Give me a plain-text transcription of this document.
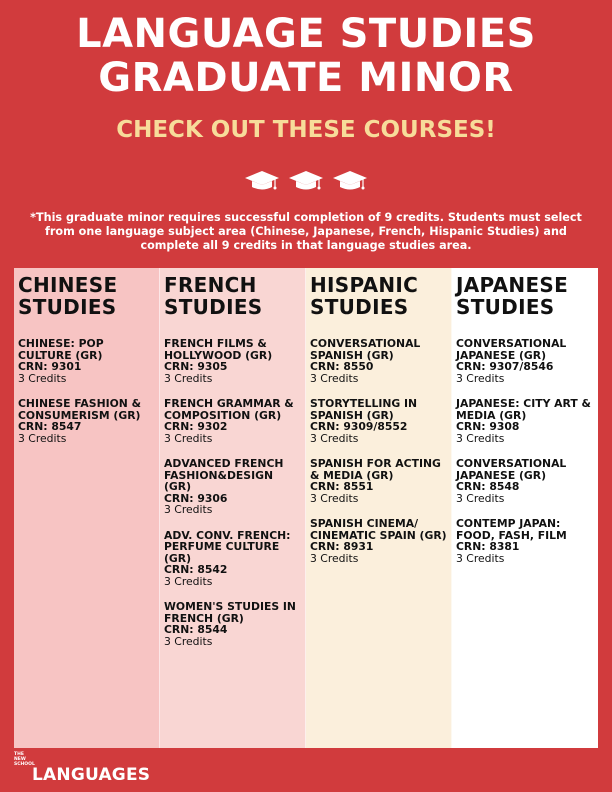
LANGUAGE STUDIES
GRADUATE MINOR
CHECK OUT THESE COURSES!
*This graduate minor requires successful completion of 9 credits. Students must select from one language subject area (Chinese, Japanese, French, Hispanic Studies) and complete all 9 credits in that language studies area.
CHINESE
STUDIES
CHINESE: POP CULTURE (GR)
CRN: 9301
3 Credits
CHINESE FASHION & CONSUMERISM (GR)
CRN: 8547
3 Credits
FRENCH
STUDIES
FRENCH FILMS & HOLLYWOOD (GR)
CRN: 9305
3 Credits
FRENCH GRAMMAR & COMPOSITION (GR)
CRN: 9302
3 Credits
ADVANCED FRENCH FASHION&DESIGN (GR)
CRN: 9306
3 Credits
ADV. CONV. FRENCH: PERFUME CULTURE (GR)
CRN: 8542
3 Credits
WOMEN'S STUDIES IN FRENCH (GR)
CRN: 8544
3 Credits
HISPANIC
STUDIES
CONVERSATIONAL SPANISH (GR)
CRN: 8550
3 Credits
STORYTELLING IN SPANISH (GR)
CRN: 9309/8552
3 Credits
SPANISH FOR ACTING & MEDIA (GR)
CRN: 8551
3 Credits
SPANISH CINEMA/ CINEMATIC SPAIN (GR)
CRN: 8931
3 Credits
JAPANESE
STUDIES
CONVERSATIONAL JAPANESE (GR)
CRN: 9307/8546
3 Credits
JAPANESE: CITY ART & MEDIA (GR)
CRN: 9308
3 Credits
CONVERSATIONAL JAPANESE (GR)
CRN: 8548
3 Credits
CONTEMP JAPAN: FOOD, FASH, FILM
CRN: 8381
3 Credits
THE NEW SCHOOL
LANGUAGES
